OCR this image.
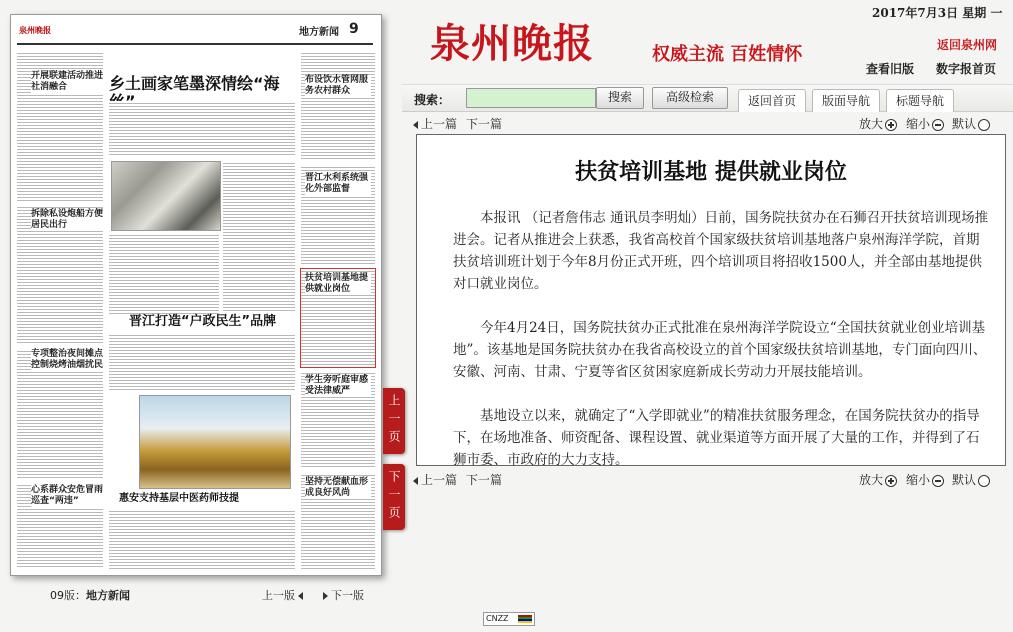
泉州晚报	地方新闻 9
开展联建活动推进社消融合
拆除私设炮船方便居民出行
专项整治夜间摊点控制烧烤油烟扰民
心系群众安危冒雨巡查“两违”
乡土画家笔墨深情绘“海
晋江打造“户政民生”品牌
惠安支持基层中医药师技提
布设饮水管网服务农村群众
晋江水利系统强化外部监督
扶贫培训基地提供就业岗位
学生旁听庭审感受法律威严
坚持无偿献血形成良好风尚
09版：地方新闻	上一版	下一版
CNZZ
上一页
下一页
2017年7月3日 星期 一
泉州晚报	权威主流 百姓情怀	返回泉州网
查看旧版 数字报首页
搜索：	搜索	高级检索	返回首页	版面导航	标题导航
上一篇 下一篇	放大	缩小	默认
扶贫培训基地 提供就业岗位

本报讯 （记者詹伟志 通讯员李明灿）日前，国务院扶贫办在石狮召开扶贫培训现场推进会。记者从推进会上获悉，我省高校首个国家级扶贫培训基地落户泉州海洋学院，首期扶贫培训班计划于今年8月份正式开班，四个培训项目将招收1500人，并全部由基地提供对口就业岗位。

今年4月24日，国务院扶贫办正式批准在泉州海洋学院设立“全国扶贫就业创业培训基地”。该基地是国务院扶贫办在我省高校设立的首个国家级扶贫培训基地，专门面向四川、安徽、河南、甘肃、宁夏等省区贫困家庭新成长劳动力开展技能培训。

基地设立以来，就确定了“入学即就业”的精准扶贫服务理念，在国务院扶贫办的指导下，在场地准备、师资配备、课程设置、就业渠道等方面开展了大量的工作，并得到了石狮市委、市政府的大力支持。

上一篇 下一篇	放大	缩小	默认
